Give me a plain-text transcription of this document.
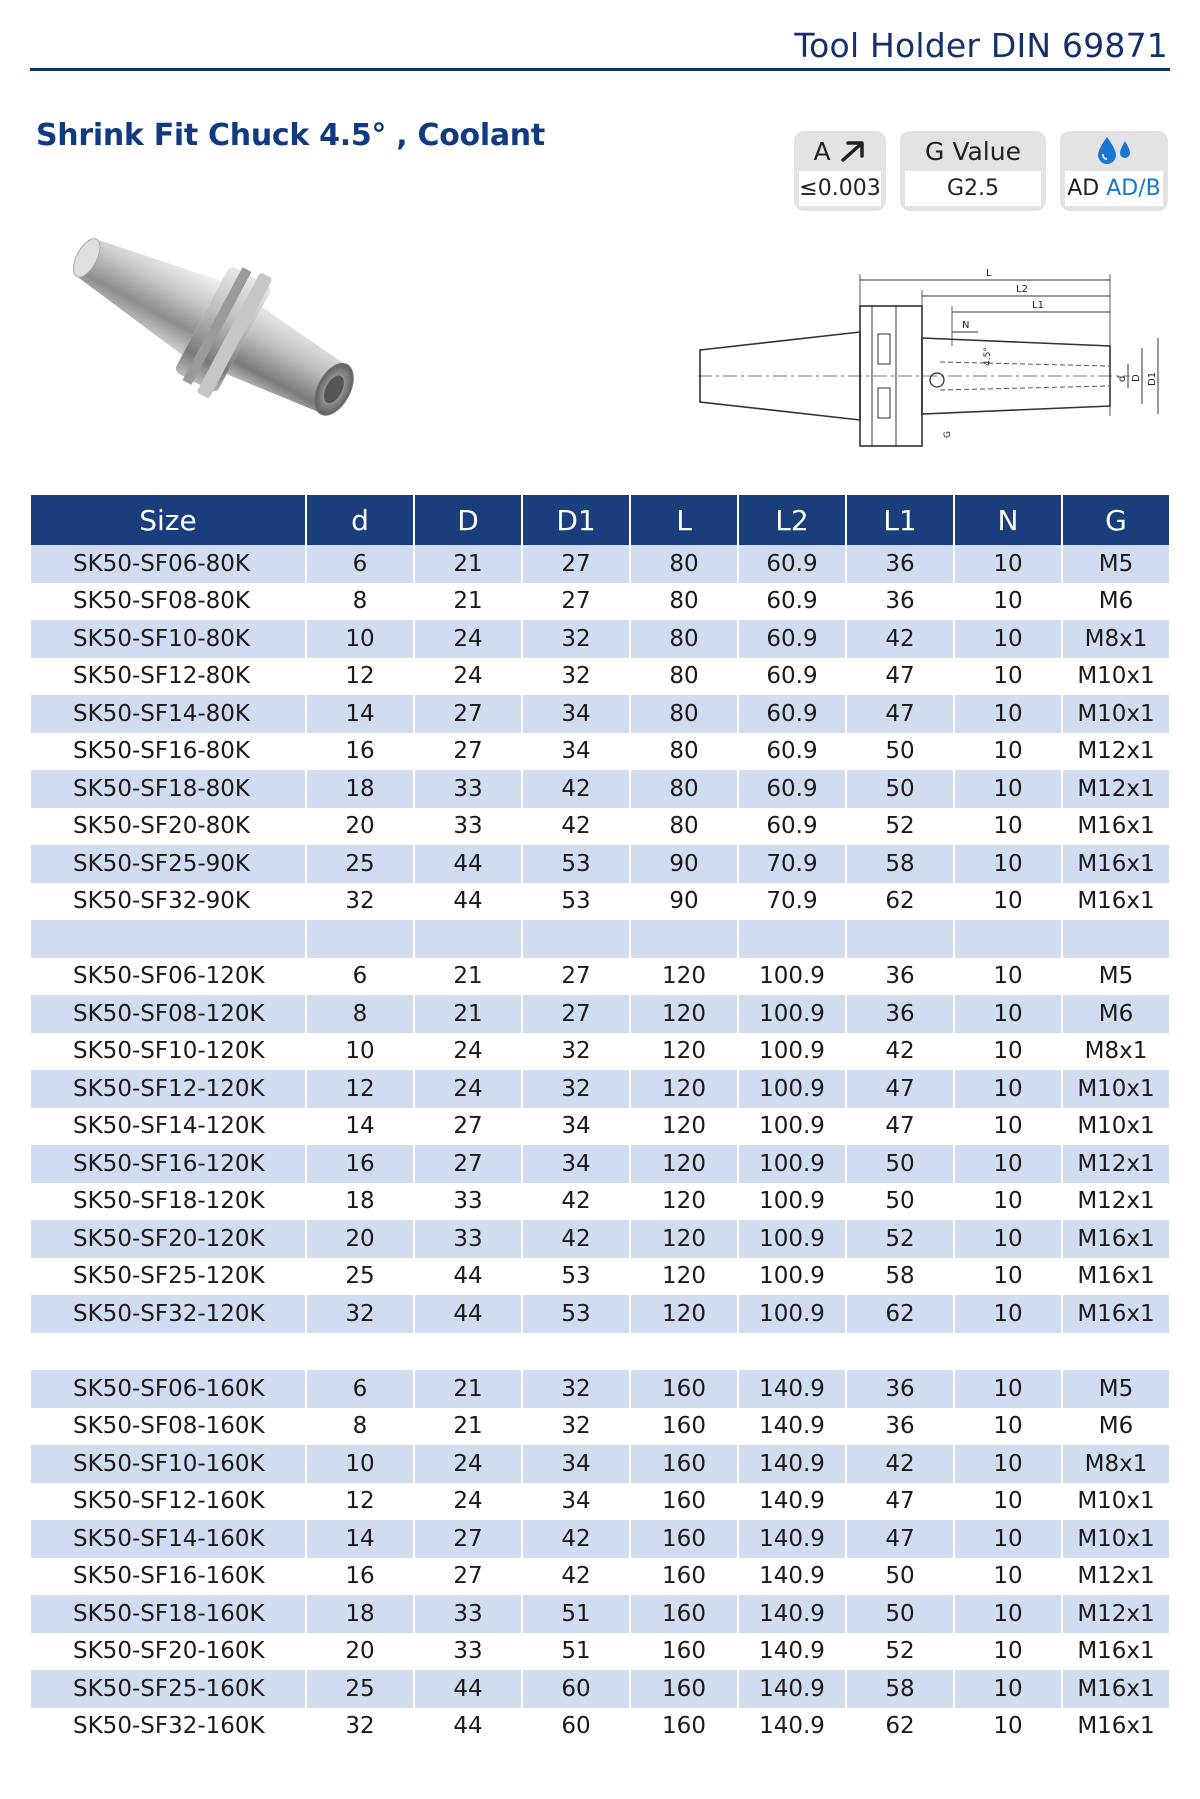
Tool Holder DIN 69871
Shrink Fit Chuck 4.5° , Coolant	A
≤0.003
G Value
G2.5	AD AD/B
L
L2
L1
N
4.5°
G
d D D1
Size	d	D	D1	L	L2	L1	N	G
SK50-SF06-80K	6	21	27	80	60.9	36	10	M5
SK50-SF08-80K	8	21	27	80	60.9	36	10	M6
SK50-SF10-80K	10	24	32	80	60.9	42	10	M8x1
SK50-SF12-80K	12	24	32	80	60.9	47	10	M10x1
SK50-SF14-80K	14	27	34	80	60.9	47	10	M10x1
SK50-SF16-80K	16	27	34	80	60.9	50	10	M12x1
SK50-SF18-80K	18	33	42	80	60.9	50	10	M12x1
SK50-SF20-80K	20	33	42	80	60.9	52	10	M16x1
SK50-SF25-90K	25	44	53	90	70.9	58	10	M16x1
SK50-SF32-90K	32	44	53	90	70.9	62	10	M16x1

SK50-SF06-120K	6	21	27	120	100.9	36	10	M5
SK50-SF08-120K	8	21	27	120	100.9	36	10	M6
SK50-SF10-120K	10	24	32	120	100.9	42	10	M8x1
SK50-SF12-120K	12	24	32	120	100.9	47	10	M10x1
SK50-SF14-120K	14	27	34	120	100.9	47	10	M10x1
SK50-SF16-120K	16	27	34	120	100.9	50	10	M12x1
SK50-SF18-120K	18	33	42	120	100.9	50	10	M12x1
SK50-SF20-120K	20	33	42	120	100.9	52	10	M16x1
SK50-SF25-120K	25	44	53	120	100.9	58	10	M16x1
SK50-SF32-120K	32	44	53	120	100.9	62	10	M16x1

SK50-SF06-160K	6	21	32	160	140.9	36	10	M5
SK50-SF08-160K	8	21	32	160	140.9	36	10	M6
SK50-SF10-160K	10	24	34	160	140.9	42	10	M8x1
SK50-SF12-160K	12	24	34	160	140.9	47	10	M10x1
SK50-SF14-160K	14	27	42	160	140.9	47	10	M10x1
SK50-SF16-160K	16	27	42	160	140.9	50	10	M12x1
SK50-SF18-160K	18	33	51	160	140.9	50	10	M12x1
SK50-SF20-160K	20	33	51	160	140.9	52	10	M16x1
SK50-SF25-160K	25	44	60	160	140.9	58	10	M16x1
SK50-SF32-160K	32	44	60	160	140.9	62	10	M16x1
